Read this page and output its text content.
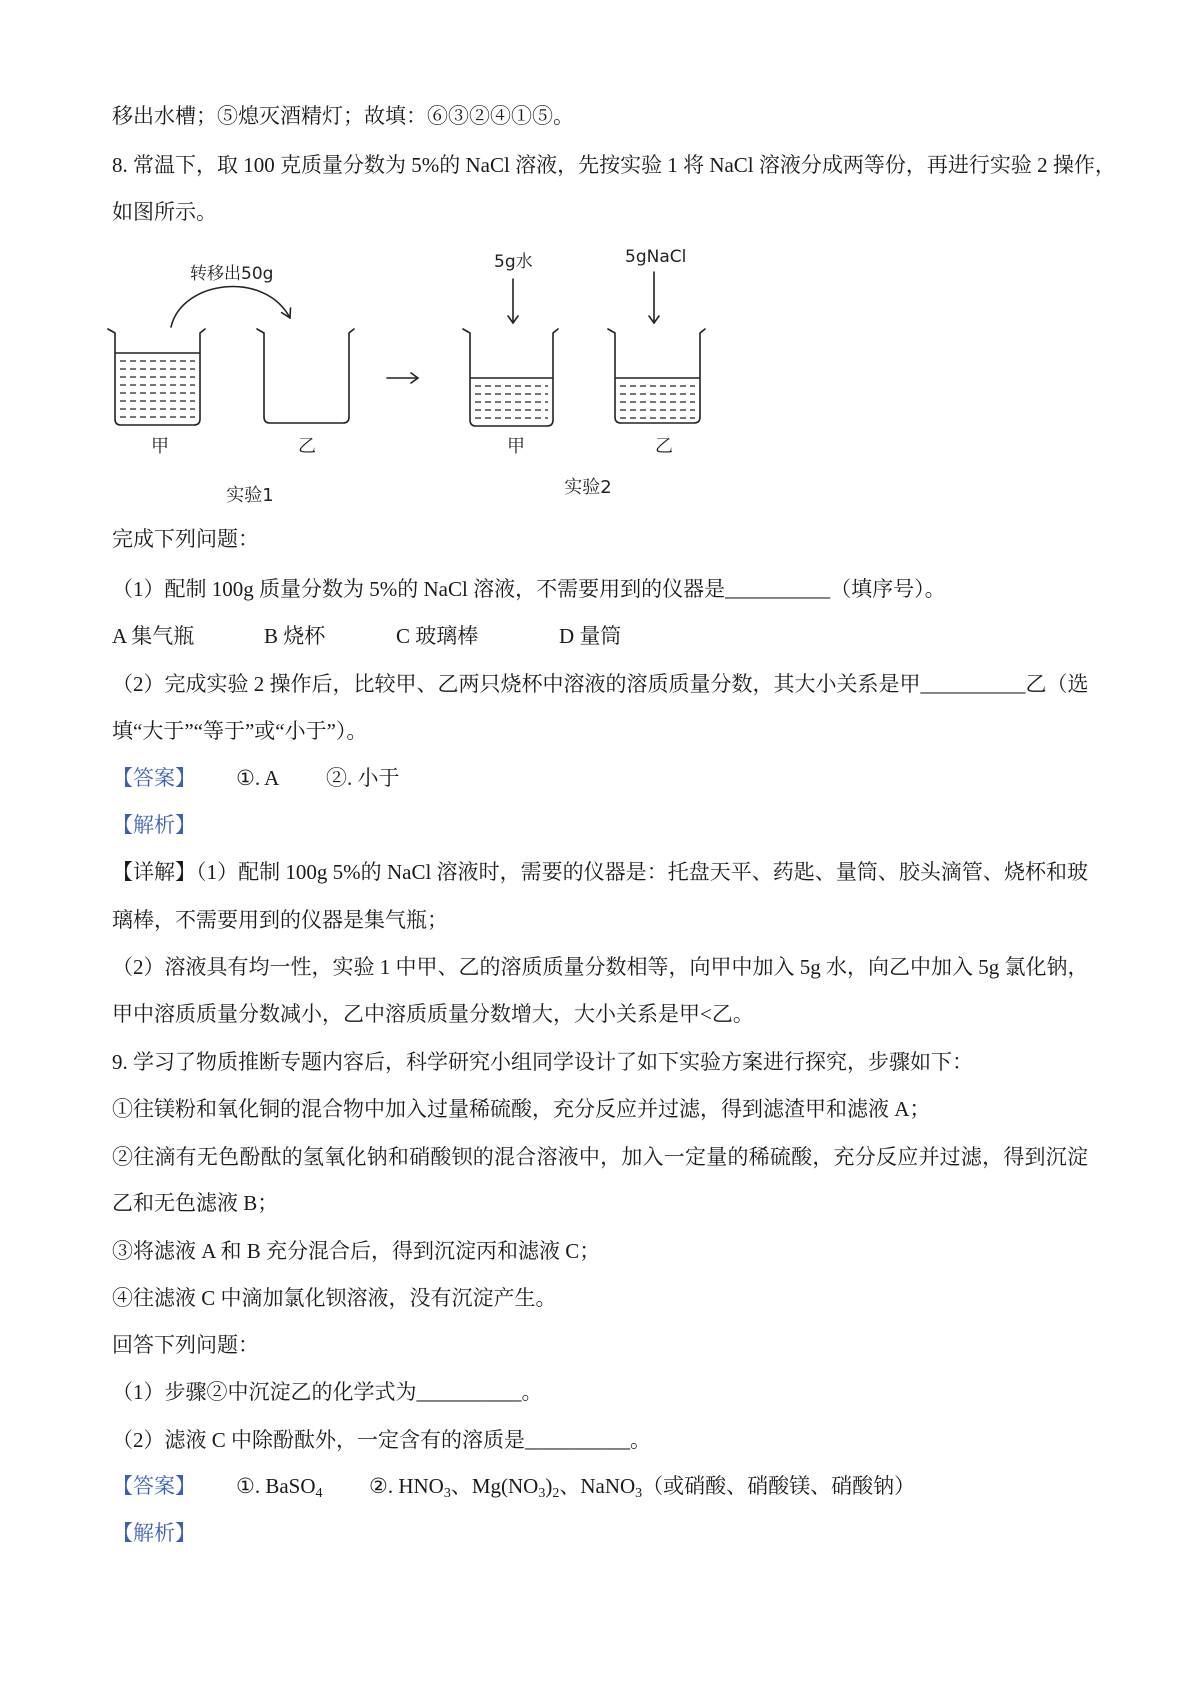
移出水槽；⑤熄灭酒精灯；故填：⑥③②④①⑤。
8. 常温下，取 100 克质量分数为 5%的 NaCl 溶液，先按实验 1 将 NaCl 溶液分成两等份，再进行实验 2 操作，
如图所示。
转移出50g
甲	乙
实验1
5g水	5gNaCl
甲	乙
实验2
完成下列问题：
（1）配制 100g 质量分数为 5%的 NaCl 溶液，不需要用到的仪器是__________（填序号）。
A 集气瓶	B 烧杯	C 玻璃棒	D 量筒
（2）完成实验 2 操作后，比较甲、乙两只烧杯中溶液的溶质质量分数，其大小关系是甲__________乙（选
填“大于”“等于”或“小于”）。
【答案】 ①. A ②. 小于
【解析】
【详解】（1）配制 100g 5%的 NaCl 溶液时，需要的仪器是：托盘天平、药匙、量筒、胶头滴管、烧杯和玻
璃棒，不需要用到的仪器是集气瓶；
（2）溶液具有均一性，实验 1 中甲、乙的溶质质量分数相等，向甲中加入 5g 水，向乙中加入 5g 氯化钠，
甲中溶质质量分数减小，乙中溶质质量分数增大，大小关系是甲<乙。
9. 学习了物质推断专题内容后，科学研究小组同学设计了如下实验方案进行探究，步骤如下：
①往镁粉和氧化铜的混合物中加入过量稀硫酸，充分反应并过滤，得到滤渣甲和滤液 A；
②往滴有无色酚酞的氢氧化钠和硝酸钡的混合溶液中，加入一定量的稀硫酸，充分反应并过滤，得到沉淀
乙和无色滤液 B；
③将滤液 A 和 B 充分混合后，得到沉淀丙和滤液 C；
④往滤液 C 中滴加氯化钡溶液，没有沉淀产生。
回答下列问题：
（1）步骤②中沉淀乙的化学式为__________。
（2）滤液 C 中除酚酞外，一定含有的溶质是__________。
【答案】 ①. BaSO$_4$ ②. $HNO_3$、$Mg(NO_3)_2$、NaNO$_3$（或硝酸、硝酸镁、硝酸钠）
【解析】
